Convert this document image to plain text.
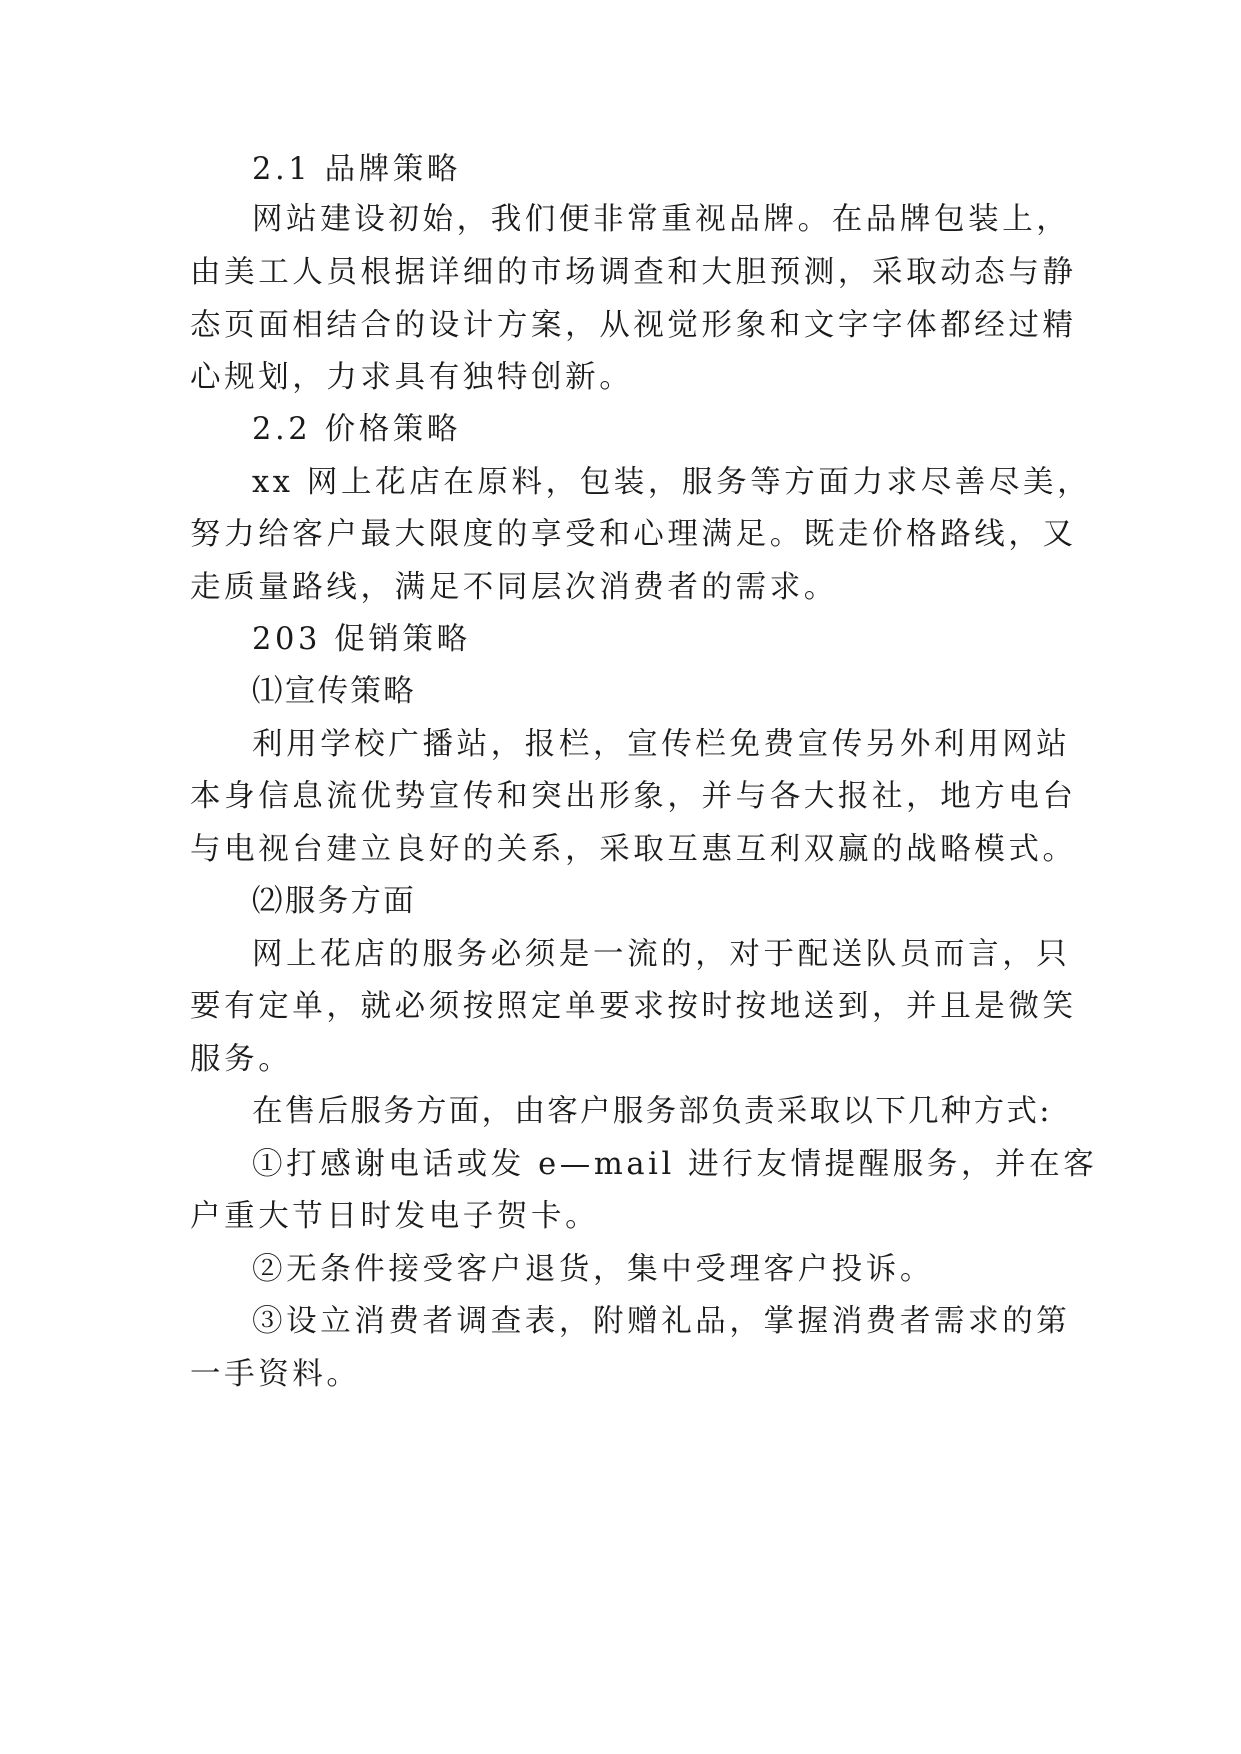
2.1 品牌策略
网站建设初始，我们便非常重视品牌。在品牌包装上，
由美工人员根据详细的市场调查和大胆预测，采取动态与静
态页面相结合的设计方案，从视觉形象和文字字体都经过精
心规划，力求具有独特创新。
2.2 价格策略
xx 网上花店在原料，包装，服务等方面力求尽善尽美，
努力给客户最大限度的享受和心理满足。既走价格路线，又
走质量路线，满足不同层次消费者的需求。
203 促销策略
⑴宣传策略
利用学校广播站，报栏，宣传栏免费宣传另外利用网站
本身信息流优势宣传和突出形象，并与各大报社，地方电台
与电视台建立良好的关系，采取互惠互利双赢的战略模式。
⑵服务方面
网上花店的服务必须是一流的，对于配送队员而言，只
要有定单，就必须按照定单要求按时按地送到，并且是微笑
服务。
在售后服务方面，由客户服务部负责采取以下几种方式:
①打感谢电话或发 e—mail 进行友情提醒服务，并在客
户重大节日时发电子贺卡。
②无条件接受客户退货，集中受理客户投诉。
③设立消费者调查表，附赠礼品，掌握消费者需求的第
一手资料。
